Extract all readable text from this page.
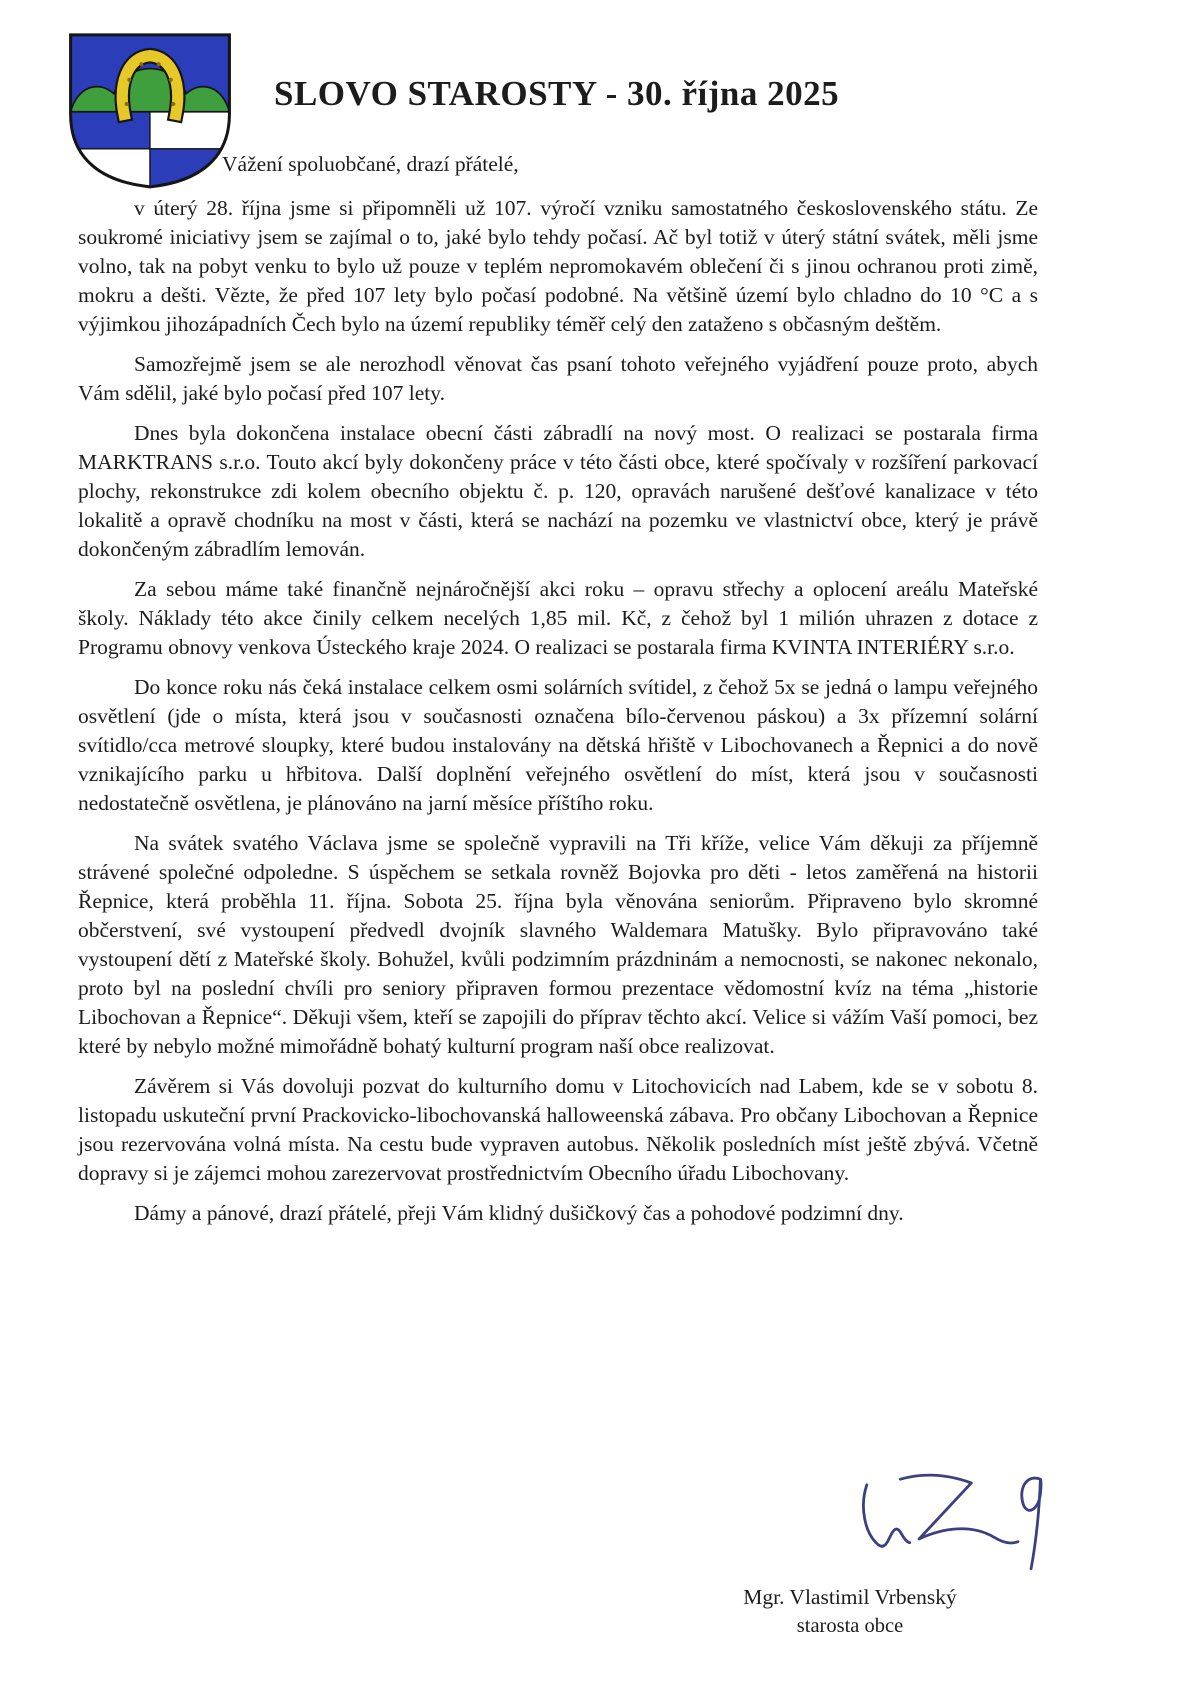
SLOVO STAROSTY - 30. října 2025

Vážení spoluobčané, drazí přátelé,

v úterý 28. října jsme si připomněli už 107. výročí vzniku samostatného československého státu. Ze soukromé iniciativy jsem se zajímal o to, jaké bylo tehdy počasí. Ač byl totiž v úterý státní svátek, měli jsme volno, tak na pobyt venku to bylo už pouze v teplém nepromokavém oblečení či s jinou ochranou proti zimě, mokru a dešti. Vězte, že před 107 lety bylo počasí podobné. Na většině území bylo chladno do 10 °C a s výjimkou jihozápadních Čech bylo na území republiky téměř celý den zataženo s občasným deštěm.

Samozřejmě jsem se ale nerozhodl věnovat čas psaní tohoto veřejného vyjádření pouze proto, abych Vám sdělil, jaké bylo počasí před 107 lety.

Dnes byla dokončena instalace obecní části zábradlí na nový most. O realizaci se postarala firma MARKTRANS s.r.o. Touto akcí byly dokončeny práce v této části obce, které spočívaly v rozšíření parkovací plochy, rekonstrukce zdi kolem obecního objektu č. p. 120, opravách narušené dešťové kanalizace v této lokalitě a opravě chodníku na most v části, která se nachází na pozemku ve vlastnictví obce, který je právě dokončeným zábradlím lemován.

Za sebou máme také finančně nejnáročnější akci roku – opravu střechy a oplocení areálu Mateřské školy. Náklady této akce činily celkem necelých 1,85 mil. Kč, z čehož byl 1 milión uhrazen z dotace z Programu obnovy venkova Ústeckého kraje 2024. O realizaci se postarala firma KVINTA INTERIÉRY s.r.o.

Do konce roku nás čeká instalace celkem osmi solárních svítidel, z čehož 5x se jedná o lampu veřejného osvětlení (jde o místa, která jsou v současnosti označena bílo-červenou páskou) a 3x přízemní solární svítidlo/cca metrové sloupky, které budou instalovány na dětská hřiště v Libochovanech a Řepnici a do nově vznikajícího parku u hřbitova. Další doplnění veřejného osvětlení do míst, která jsou v současnosti nedostatečně osvětlena, je plánováno na jarní měsíce příštího roku.

Na svátek svatého Václava jsme se společně vypravili na Tři kříže, velice Vám děkuji za příjemně strávené společné odpoledne. S úspěchem se setkala rovněž Bojovka pro děti - letos zaměřená na historii Řepnice, která proběhla 11. října. Sobota 25. října byla věnována seniorům. Připraveno bylo skromné občerstvení, své vystoupení předvedl dvojník slavného Waldemara Matušky. Bylo připravováno také vystoupení dětí z Mateřské školy. Bohužel, kvůli podzimním prázdninám a nemocnosti, se nakonec nekonalo, proto byl na poslední chvíli pro seniory připraven formou prezentace vědomostní kvíz na téma „historie Libochovan a Řepnice“. Děkuji všem, kteří se zapojili do příprav těchto akcí. Velice si vážím Vaší pomoci, bez které by nebylo možné mimořádně bohatý kulturní program naší obce realizovat.

Závěrem si Vás dovoluji pozvat do kulturního domu v Litochovicích nad Labem, kde se v sobotu 8. listopadu uskuteční první Prackovicko-libochovanská halloweenská zábava. Pro občany Libochovan a Řepnice jsou rezervována volná místa. Na cestu bude vypraven autobus. Několik posledních míst ještě zbývá. Včetně dopravy si je zájemci mohou zarezervovat prostřednictvím Obecního úřadu Libochovany.

Dámy a pánové, drazí přátelé, přeji Vám klidný dušičkový čas a pohodové podzimní dny.

Mgr. Vlastimil Vrbenský

starosta obce
